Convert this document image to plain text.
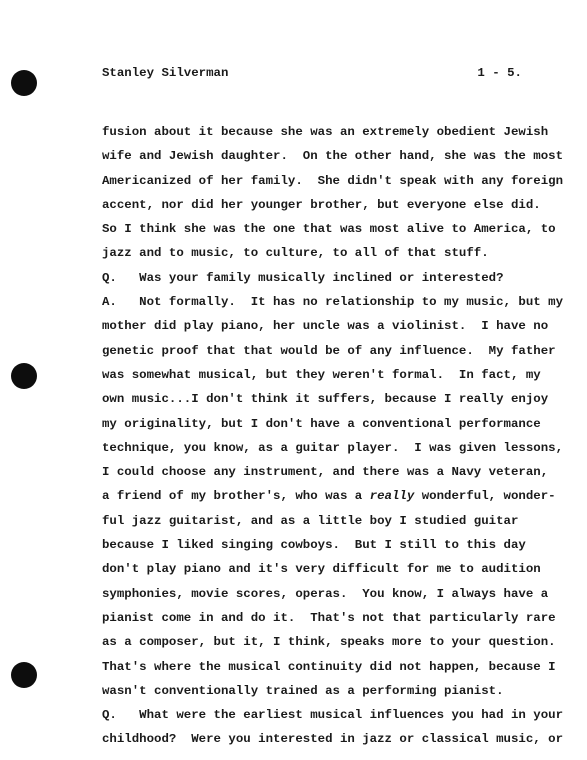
Stanley Silverman	1 - 5.
fusion about it because she was an extremely obedient Jewish
wife and Jewish daughter.  On the other hand, she was the most
Americanized of her family.  She didn't speak with any foreign
accent, nor did her younger brother, but everyone else did.
So I think she was the one that was most alive to America, to
jazz and to music, to culture, to all of that stuff.
Q.   Was your family musically inclined or interested?
A.   Not formally.  It has no relationship to my music, but my
mother did play piano, her uncle was a violinist.  I have no
genetic proof that that would be of any influence.  My father
was somewhat musical, but they weren't formal.  In fact, my
own music...I don't think it suffers, because I really enjoy
my originality, but I don't have a conventional performance
technique, you know, as a guitar player.  I was given lessons,
I could choose any instrument, and there was a Navy veteran,
a friend of my brother's, who was a really wonderful, wonder-
ful jazz guitarist, and as a little boy I studied guitar
because I liked singing cowboys.  But I still to this day
don't play piano and it's very difficult for me to audition
symphonies, movie scores, operas.  You know, I always have a
pianist come in and do it.  That's not that particularly rare
as a composer, but it, I think, speaks more to your question.
That's where the musical continuity did not happen, because I
wasn't conventionally trained as a performing pianist.
Q.   What were the earliest musical influences you had in your
childhood?  Were you interested in jazz or classical music, or
